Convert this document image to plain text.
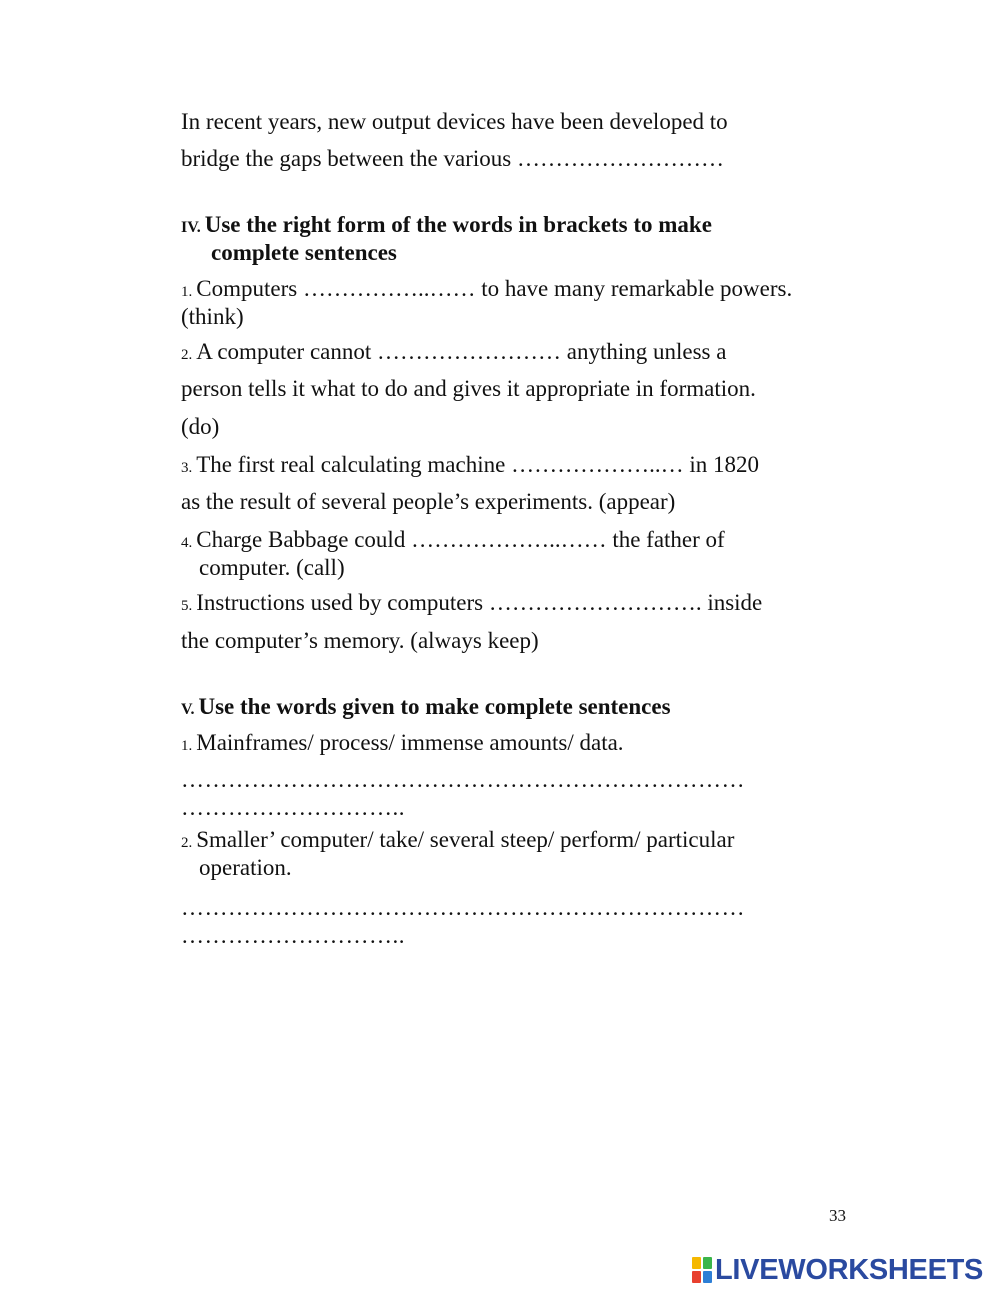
In recent years, new output devices have been developed to
bridge the gaps between the various ………………………
IV. Use the right form of the words in brackets to make
complete sentences
1. Computers ……………..…… to have many remarkable powers.
(think)
2. A computer cannot …………………… anything unless a
person tells it what to do and gives it appropriate in formation.
(do)
3. The first real calculating machine ………………..… in 1820
as the result of several people’s experiments. (appear)
4. Charge Babbage could ………………..…… the father of
computer. (call)
5. Instructions used by computers ………………………. inside
the computer’s memory. (always keep)
V. Use the words given to make complete sentences
1. Mainframes/ process/ immense amounts/ data.
………………………………………………………………
………………………..
2. Smaller’ computer/ take/ several steep/ perform/ particular
operation.
………………………………………………………………
………………………..
33
LIVEWORKSHEETS
